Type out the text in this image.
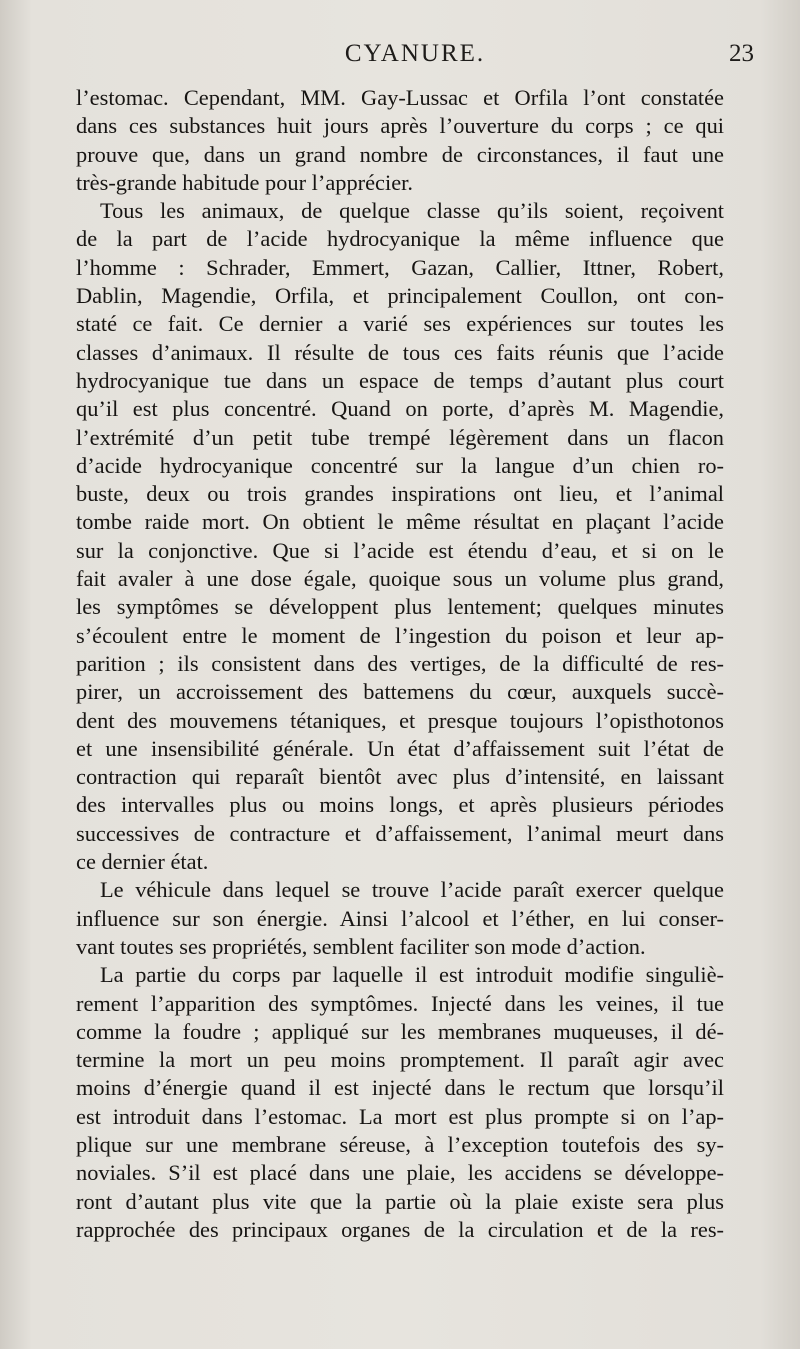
CYANURE.	23
l’estomac. Cependant, MM. Gay-Lussac et Orfila l’ont constatée
dans ces substances huit jours après l’ouverture du corps ; ce qui
prouve que, dans un grand nombre de circonstances, il faut une
très-grande habitude pour l’apprécier.
Tous les animaux, de quelque classe qu’ils soient, reçoivent
de la part de l’acide hydrocyanique la même influence que
l’homme : Schrader, Emmert, Gazan, Callier, Ittner, Robert,
Dablin, Magendie, Orfila, et principalement Coullon, ont con-
staté ce fait. Ce dernier a varié ses expériences sur toutes les
classes d’animaux. Il résulte de tous ces faits réunis que l’acide
hydrocyanique tue dans un espace de temps d’autant plus court
qu’il est plus concentré. Quand on porte, d’après M. Magendie,
l’extrémité d’un petit tube trempé légèrement dans un flacon
d’acide hydrocyanique concentré sur la langue d’un chien ro-
buste, deux ou trois grandes inspirations ont lieu, et l’animal
tombe raide mort. On obtient le même résultat en plaçant l’acide
sur la conjonctive. Que si l’acide est étendu d’eau, et si on le
fait avaler à une dose égale, quoique sous un volume plus grand,
les symptômes se développent plus lentement; quelques minutes
s’écoulent entre le moment de l’ingestion du poison et leur ap-
parition ; ils consistent dans des vertiges, de la difficulté de res-
pirer, un accroissement des battemens du cœur, auxquels succè-
dent des mouvemens tétaniques, et presque toujours l’opisthotonos
et une insensibilité générale. Un état d’affaissement suit l’état de
contraction qui reparaît bientôt avec plus d’intensité, en laissant
des intervalles plus ou moins longs, et après plusieurs périodes
successives de contracture et d’affaissement, l’animal meurt dans
ce dernier état.
Le véhicule dans lequel se trouve l’acide paraît exercer quelque
influence sur son énergie. Ainsi l’alcool et l’éther, en lui conser-
vant toutes ses propriétés, semblent faciliter son mode d’action.
La partie du corps par laquelle il est introduit modifie singuliè-
rement l’apparition des symptômes. Injecté dans les veines, il tue
comme la foudre ; appliqué sur les membranes muqueuses, il dé-
termine la mort un peu moins promptement. Il paraît agir avec
moins d’énergie quand il est injecté dans le rectum que lorsqu’il
est introduit dans l’estomac. La mort est plus prompte si on l’ap-
plique sur une membrane séreuse, à l’exception toutefois des sy-
noviales. S’il est placé dans une plaie, les accidens se développe-
ront d’autant plus vite que la partie où la plaie existe sera plus
rapprochée des principaux organes de la circulation et de la res-
